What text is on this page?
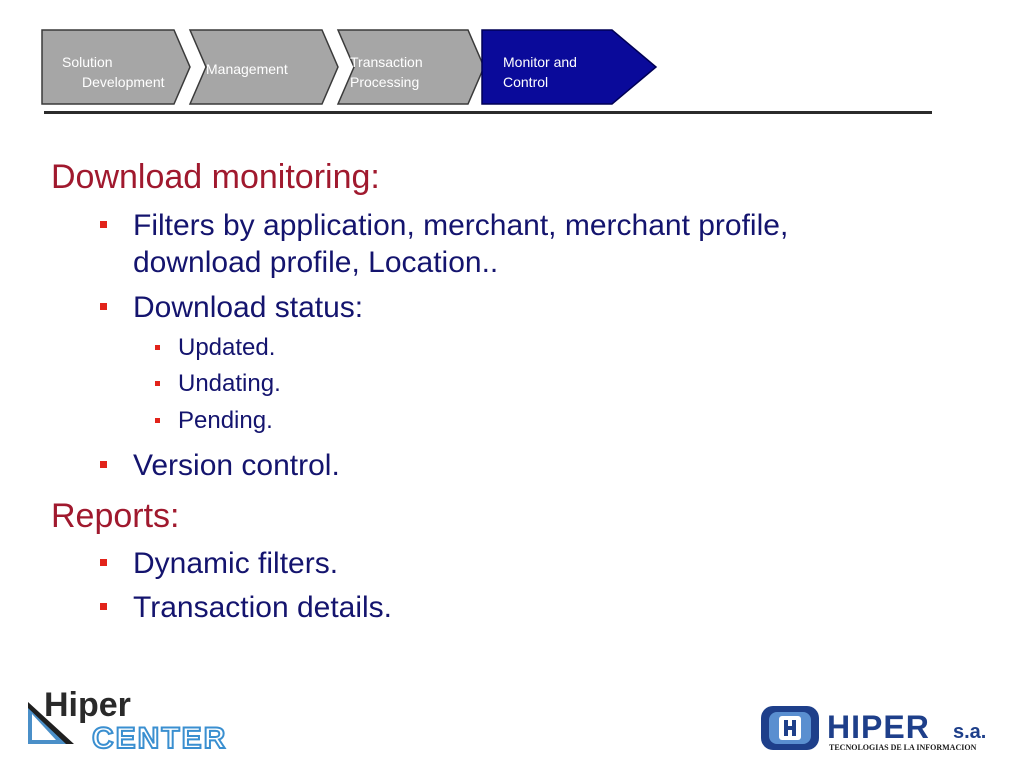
Solution
Development
Management	Transaction
Processing
Monitor and
Control
Download monitoring:
Filters by application, merchant, merchant profile, download profile, Location..
Download status:
Updated.
Undating.
Pending.
Version control.
Reports:
Dynamic filters.
Transaction details.
Hiper
CENTER	HIPER s.a.
TECNOLOGIAS DE LA INFORMACION
